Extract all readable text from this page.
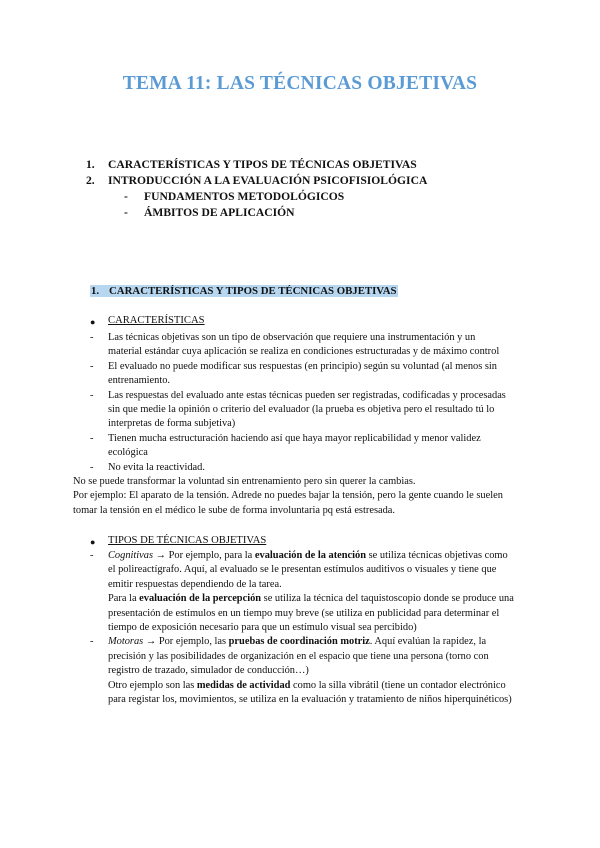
TEMA 11: LAS TÉCNICAS OBJETIVAS
1.	CARACTERÍSTICAS Y TIPOS DE TÉCNICAS OBJETIVAS
2.	INTRODUCCIÓN A LA EVALUACIÓN PSICOFISIOLÓGICA
-	FUNDAMENTOS METODOLÓGICOS
-	ÁMBITOS DE APLICACIÓN
1. CARACTERÍSTICAS Y TIPOS DE TÉCNICAS OBJETIVAS
●	CARACTERÍSTICAS
-	Las técnicas objetivas son un tipo de observación que requiere una instrumentación y un material estándar cuya aplicación se realiza en condiciones estructuradas y de máximo control
-	El evaluado no puede modificar sus respuestas (en principio) según su voluntad (al menos sin entrenamiento.
-	Las respuestas del evaluado ante estas técnicas pueden ser registradas, codificadas y procesadas sin que medie la opinión o criterio del evaluador (la prueba es objetiva pero el resultado tú lo interpretas de forma subjetiva)
-	Tienen mucha estructuración haciendo así que haya mayor replicabilidad y menor validez ecológica
-	No evita la reactividad.
No se puede transformar la voluntad sin entrenamiento pero sin querer la cambias.
Por ejemplo: El aparato de la tensión. Adrede no puedes bajar la tensión, pero la gente cuando le suelen tomar la tensión en el médico le sube de forma involuntaria pq está estresada.
●	TIPOS DE TÉCNICAS OBJETIVAS
-	Cognitivas → Por ejemplo, para la evaluación de la atención se utiliza técnicas objetivas como el polireactígrafo. Aquí, al evaluado se le presentan estímulos auditivos o visuales y tiene que emitir respuestas dependiendo de la tarea.
Para la evaluación de la percepción se utiliza la técnica del taquistoscopio donde se produce una presentación de estímulos en un tiempo muy breve (se utiliza en publicidad para determinar el tiempo de exposición necesario para que un estímulo visual sea percibido)
-	Motoras → Por ejemplo, las pruebas de coordinación motriz. Aquí evalúan la rapidez, la precisión y las posibilidades de organización en el espacio que tiene una persona (torno con registro de trazado, simulador de conducción…)
Otro ejemplo son las medidas de actividad como la silla vibrátil (tiene un contador electrónico para registar los, movimientos, se utiliza en la evaluación y tratamiento de niños hiperquinéticos)
